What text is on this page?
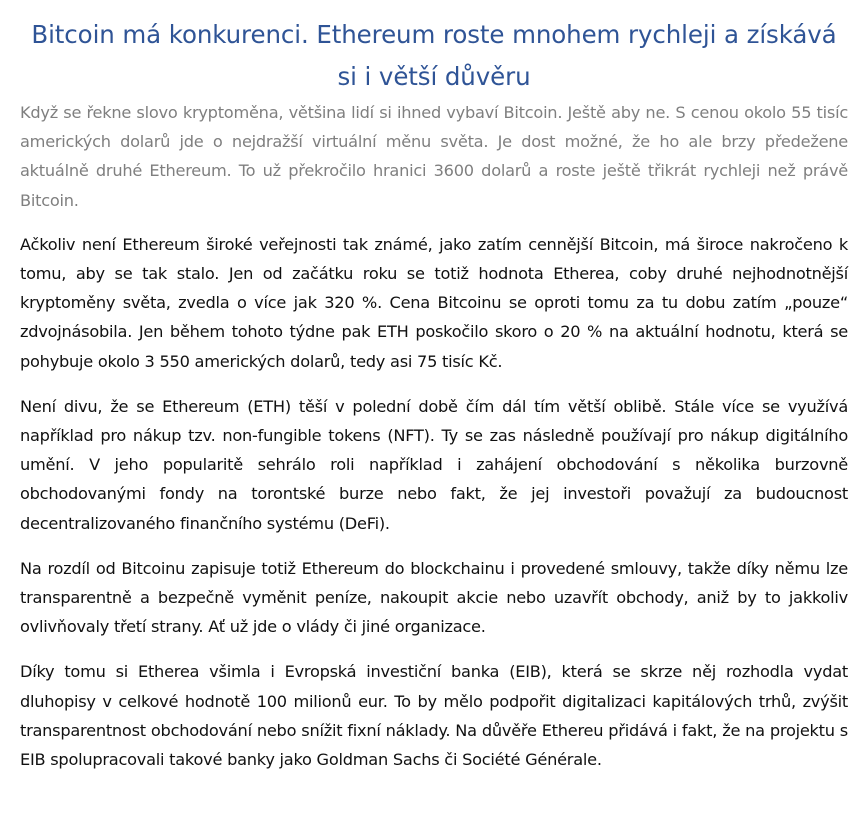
Bitcoin má konkurenci. Ethereum roste mnohem rychleji a získává si i větší důvěru

Když se řekne slovo kryptoměna, většina lidí si ihned vybaví Bitcoin. Ještě aby ne. S cenou okolo 55 tisíc amerických dolarů jde o nejdražší virtuální měnu světa. Je dost možné, že ho ale brzy předežene aktuálně druhé Ethereum. To už překročilo hranici 3600 dolarů a roste ještě třikrát rychleji než právě Bitcoin.

Ačkoliv není Ethereum široké veřejnosti tak známé, jako zatím cennější Bitcoin, má široce nakročeno k tomu, aby se tak stalo. Jen od začátku roku se totiž hodnota Etherea, coby druhé nejhodnotnější kryptoměny světa, zvedla o více jak 320 %. Cena Bitcoinu se oproti tomu za tu dobu zatím „pouze“ zdvojnásobila. Jen během tohoto týdne pak ETH poskočilo skoro o 20 % na aktuální hodnotu, která se pohybuje okolo 3 550 amerických dolarů, tedy asi 75 tisíc Kč.

Není divu, že se Ethereum (ETH) těší v polední době čím dál tím větší oblibě. Stále více se využívá například pro nákup tzv. non-fungible tokens (NFT). Ty se zas následně používají pro nákup digitálního umění. V jeho popularitě sehrálo roli například i zahájení obchodování s několika burzovně obchodovanými fondy na torontské burze nebo fakt, že jej investoři považují za budoucnost decentralizovaného finančního systému (DeFi).

Na rozdíl od Bitcoinu zapisuje totiž Ethereum do blockchainu i provedené smlouvy, takže díky němu lze transparentně a bezpečně vyměnit peníze, nakoupit akcie nebo uzavřít obchody, aniž by to jakkoliv ovlivňovaly třetí strany. Ať už jde o vlády či jiné organizace.

Díky tomu si Etherea všimla i Evropská investiční banka (EIB), která se skrze něj rozhodla vydat dluhopisy v celkové hodnotě 100 milionů eur. To by mělo podpořit digitalizaci kapitálových trhů, zvýšit transparentnost obchodování nebo snížit fixní náklady. Na důvěře Ethereu přidává i fakt, že na projektu s EIB spolupracovali takové banky jako Goldman Sachs či Société Générale.
